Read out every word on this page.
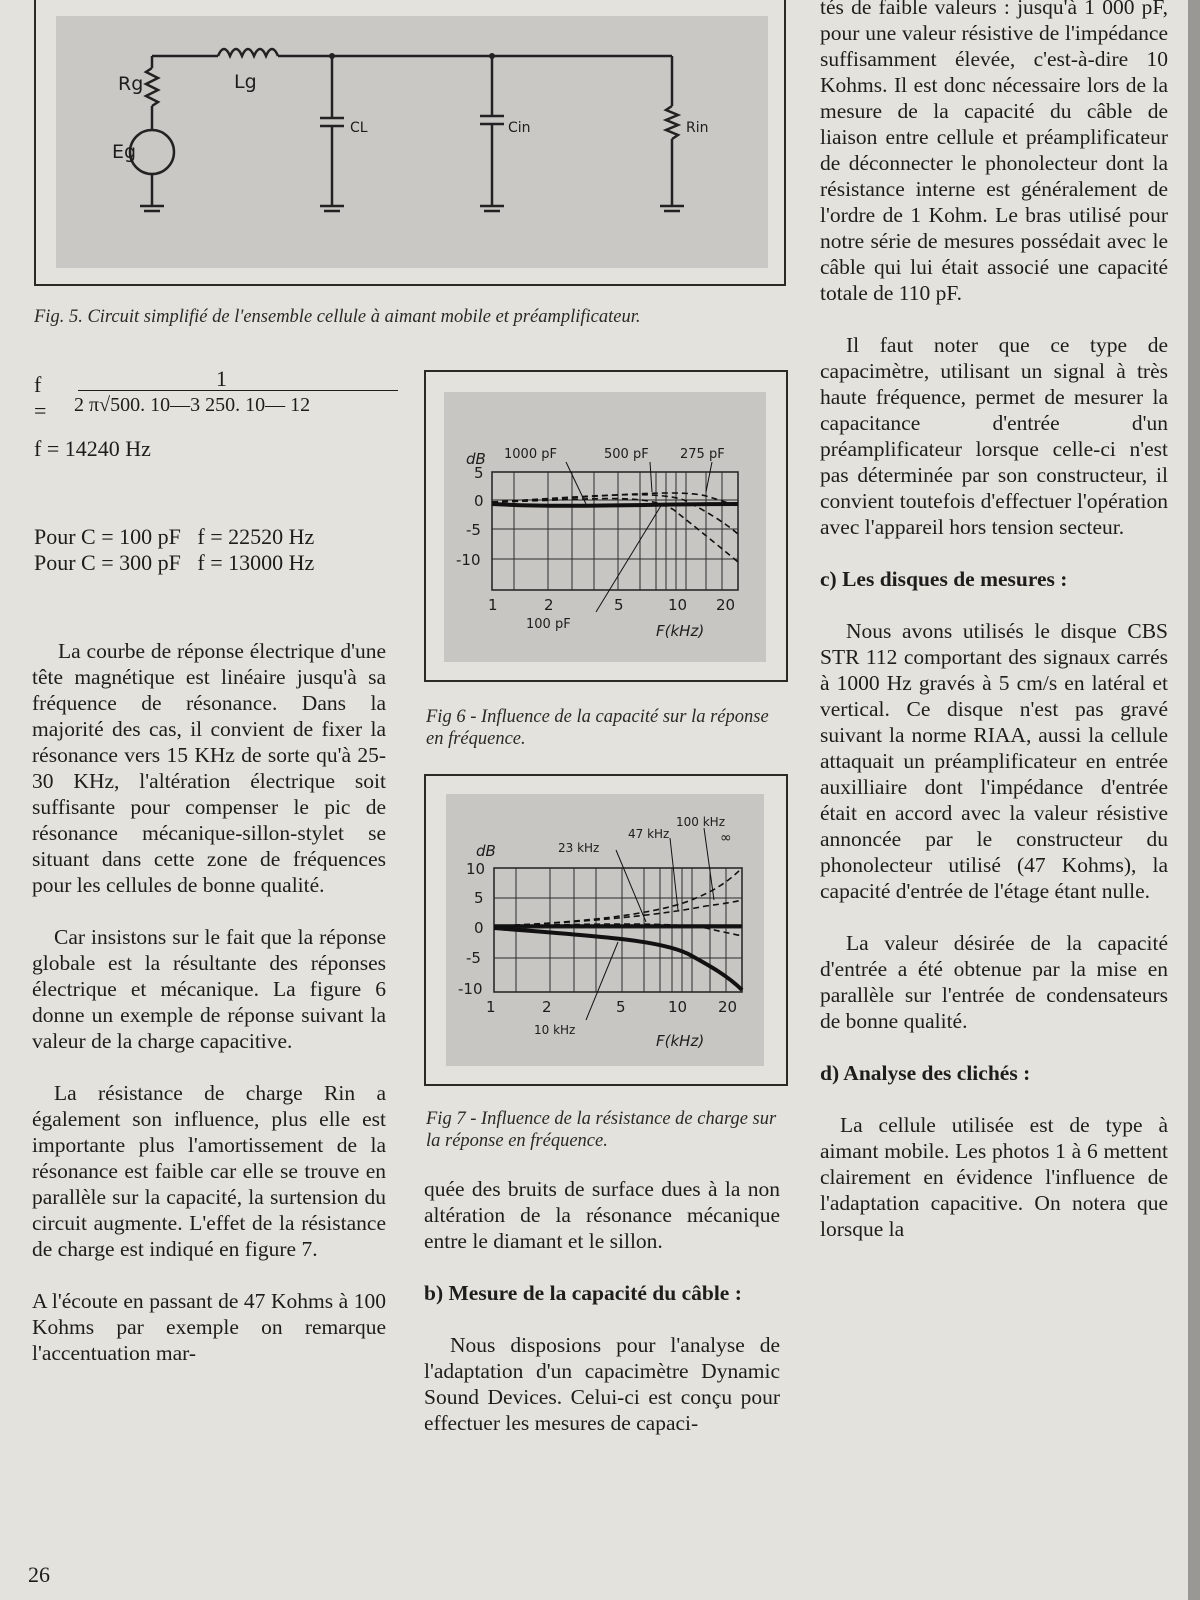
Rg	Lg
Eg
CL	Cin	Rin

Fig. 5. Circuit simplifié de l'ensemble cellule à aimant mobile et préamplificateur.

f =
1
2 π√500. 10—3 250. 10— 12
f = 14240 Hz
Pour C = 100 pF   f = 22520 Hz
Pour C = 300 pF   f = 13000 Hz

La courbe de réponse électrique d'une tête magnétique est linéaire jusqu'à sa fréquence de résonance. Dans la majorité des cas, il convient de fixer la résonance vers 15 KHz de sorte qu'à 25-30 KHz, l'altération électrique soit suffisante pour compenser le pic de résonance mécanique-sillon-stylet se situant dans cette zone de fréquences pour les cellules de bonne qualité.

Car insistons sur le fait que la réponse globale est la résultante des réponses électrique et mécanique. La figure 6 donne un exemple de réponse suivant la valeur de la charge capacitive.

La résistance de charge Rin a également son influence, plus elle est importante plus l'amortissement de la résonance est faible car elle se trouve en parallèle sur la capacité, la surtension du circuit augmente. L'effet de la résistance de charge est indiqué en figure 7.

A l'écoute en passant de 47 Kohms à 100 Kohms par exemple on remarque l'accentuation mar-

dB
5
0
-5
-10
1	2	5	10 20
F(kHz)
1000 pF	500 pF 275 pF
100 pF

Fig 6 - Influence de la capacité sur la réponse en fréquence.

dB
10
5
0
-5
-10
1	2	5	10 20
F(kHz)
100 kHz
47 kHz
23 kHz
∞
10 kHz

Fig 7 - Influence de la résistance de charge sur la réponse en fréquence.

quée des bruits de surface dues à la non altération de la résonance mécanique entre le diamant et le sillon.

b) Mesure de la capacité du câble :

Nous disposions pour l'analyse de l'adaptation d'un capacimètre Dynamic Sound Devices. Celui-ci est conçu pour effectuer les mesures de capaci-

tés de faible valeurs : jusqu'à 1 000 pF, pour une valeur résistive de l'impédance suffisamment élevée, c'est-à-dire 10 Kohms. Il est donc nécessaire lors de la mesure de la capacité du câble de liaison entre cellule et préamplificateur de déconnecter le phonolecteur dont la résistance interne est généralement de l'ordre de 1 Kohm. Le bras utilisé pour notre série de mesures possédait avec le câble qui lui était associé une capacité totale de 110 pF.

Il faut noter que ce type de capacimètre, utilisant un signal à très haute fréquence, permet de mesurer la capacitance d'entrée d'un préamplificateur lorsque celle-ci n'est pas déterminée par son constructeur, il convient toutefois d'effectuer l'opération avec l'appareil hors tension secteur.

c) Les disques de mesures :

Nous avons utilisés le disque CBS STR 112 comportant des signaux carrés à 1000 Hz gravés à 5 cm/s en latéral et vertical. Ce disque n'est pas gravé suivant la norme RIAA, aussi la cellule attaquait un préamplificateur en entrée auxilliaire dont l'impédance d'entrée était en accord avec la valeur résistive annoncée par le constructeur du phonolecteur utilisé (47 Kohms), la capacité d'entrée de l'étage étant nulle.

La valeur désirée de la capacité d'entrée a été obtenue par la mise en parallèle sur l'entrée de condensateurs de bonne qualité.

d) Analyse des clichés :

La cellule utilisée est de type à aimant mobile. Les photos 1 à 6 mettent clairement en évidence l'influence de l'adaptation capacitive. On notera que lorsque la

26
